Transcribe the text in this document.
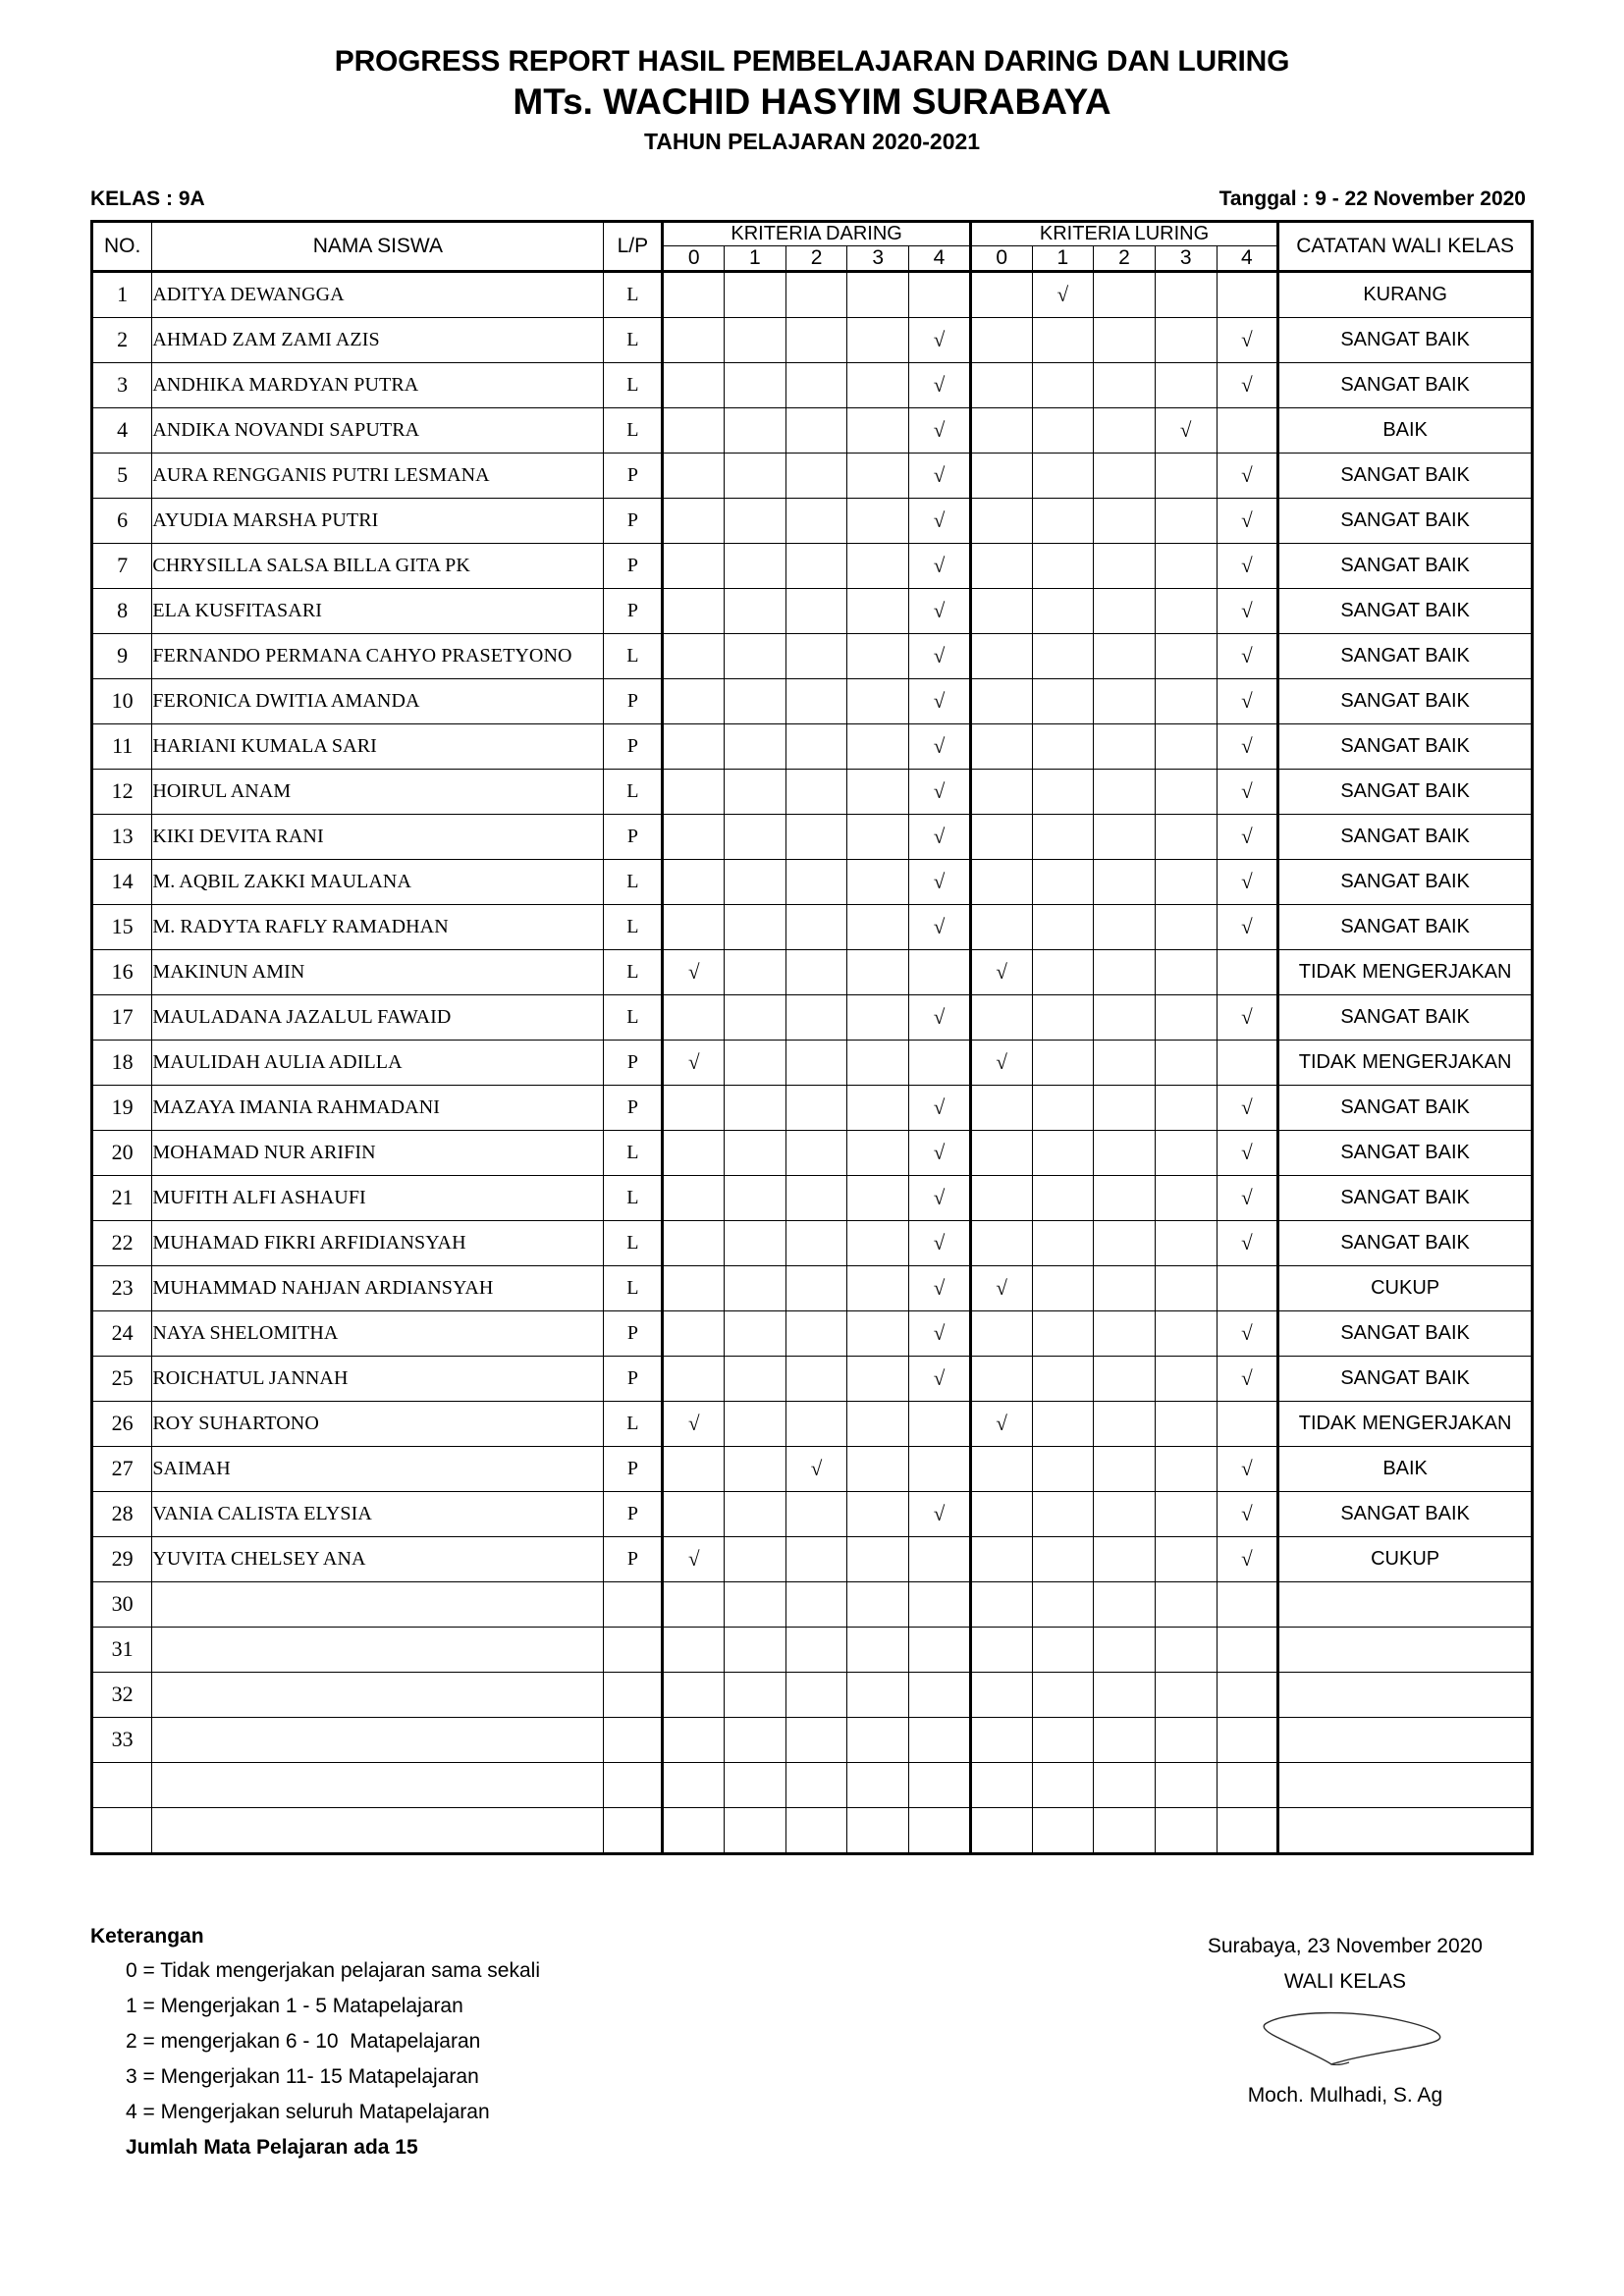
PROGRESS REPORT HASIL PEMBELAJARAN DARING DAN LURING
MTs. WACHID HASYIM SURABAYA
TAHUN PELAJARAN 2020-2021
KELAS : 9A	Tanggal : 9 - 22 November 2020
NO.	NAMA SISWA	L/P	KRITERIA DARING					KRITERIA LURING					CATATAN WALI KELAS
			0	1	2	3	4	0	1	2	3	4	
1	ADITYA DEWANGGA	L							√				KURANG
2	AHMAD ZAM ZAMI AZIS	L					√					√	SANGAT BAIK
3	ANDHIKA MARDYAN PUTRA	L					√					√	SANGAT BAIK
4	ANDIKA NOVANDI SAPUTRA	L					√				√		BAIK
5	AURA RENGGANIS PUTRI LESMANA	P					√					√	SANGAT BAIK
6	AYUDIA MARSHA PUTRI	P					√					√	SANGAT BAIK
7	CHRYSILLA SALSA BILLA GITA PK	P					√					√	SANGAT BAIK
8	ELA KUSFITASARI	P					√					√	SANGAT BAIK
9	FERNANDO PERMANA CAHYO PRASETYONO	L					√					√	SANGAT BAIK
10	FERONICA DWITIA AMANDA	P					√					√	SANGAT BAIK
11	HARIANI KUMALA SARI	P					√					√	SANGAT BAIK
12	HOIRUL ANAM	L					√					√	SANGAT BAIK
13	KIKI DEVITA RANI	P					√					√	SANGAT BAIK
14	M. AQBIL ZAKKI MAULANA	L					√					√	SANGAT BAIK
15	M. RADYTA RAFLY RAMADHAN	L					√					√	SANGAT BAIK
16	MAKINUN AMIN	L	√					√					TIDAK MENGERJAKAN
17	MAULADANA JAZALUL FAWAID	L					√					√	SANGAT BAIK
18	MAULIDAH AULIA ADILLA	P	√					√					TIDAK MENGERJAKAN
19	MAZAYA IMANIA RAHMADANI	P					√					√	SANGAT BAIK
20	MOHAMAD NUR ARIFIN	L					√					√	SANGAT BAIK
21	MUFITH ALFI ASHAUFI	L					√					√	SANGAT BAIK
22	MUHAMAD FIKRI ARFIDIANSYAH	L					√					√	SANGAT BAIK
23	MUHAMMAD NAHJAN ARDIANSYAH	L					√	√					CUKUP
24	NAYA SHELOMITHA	P					√					√	SANGAT BAIK
25	ROICHATUL JANNAH	P					√					√	SANGAT BAIK
26	ROY SUHARTONO	L	√					√					TIDAK MENGERJAKAN
27	SAIMAH	P			√							√	BAIK
28	VANIA CALISTA ELYSIA	P					√					√	SANGAT BAIK
29	YUVITA CHELSEY ANA	P	√									√	CUKUP
30													
31													
32													
33													

Keterangan
0 = Tidak mengerjakan pelajaran sama sekali
1 = Mengerjakan 1 - 5 Matapelajaran
2 = mengerjakan 6 - 10  Matapelajaran
3 = Mengerjakan 11- 15 Matapelajaran
4 = Mengerjakan seluruh Matapelajaran
Jumlah Mata Pelajaran ada 15
Surabaya, 23 November 2020
WALI KELAS
Moch. Mulhadi, S. Ag
